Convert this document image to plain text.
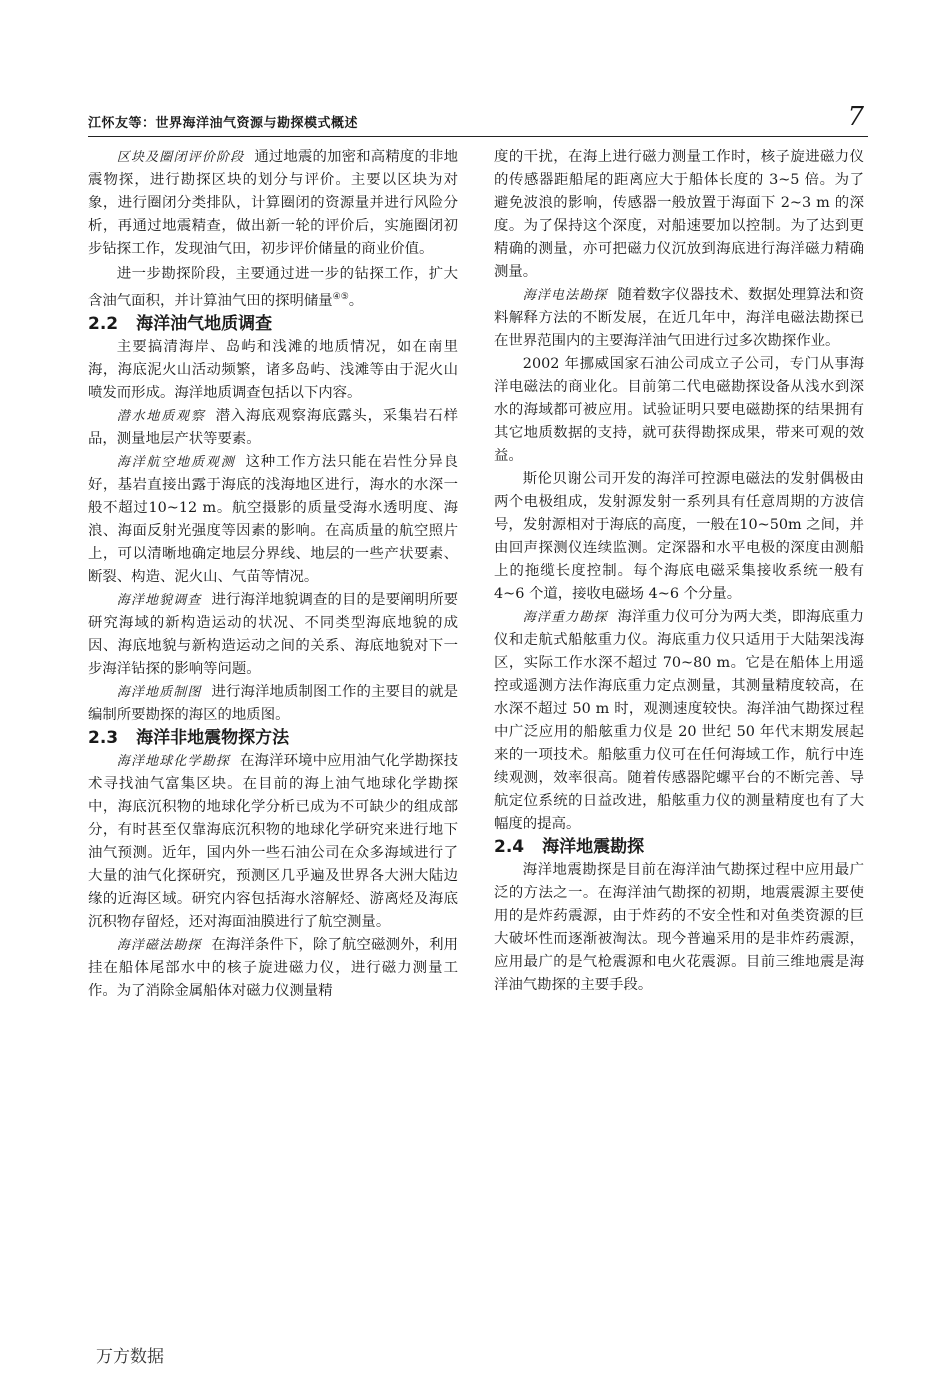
江怀友等：世界海洋油气资源与勘探模式概述	7

区块及圈闭评价阶段 通过地震的加密和高精度的非地震物探，进行勘探区块的划分与评价。主要以区块为对象，进行圈闭分类排队，计算圈闭的资源量并进行风险分析，再通过地震精查，做出新一轮的评价后，实施圈闭初步钻探工作，发现油气田，初步评价储量的商业价值。

进一步勘探阶段，主要通过进一步的钻探工作，扩大含油气面积，并计算油气田的探明储量④⑤。

2.2 海洋油气地质调查

主要搞清海岸、岛屿和浅滩的地质情况，如在南里海，海底泥火山活动频繁，诸多岛屿、浅滩等由于泥火山喷发而形成。海洋地质调查包括以下内容。

潜水地质观察 潜入海底观察海底露头，采集岩石样品，测量地层产状等要素。

海洋航空地质观测 这种工作方法只能在岩性分异良好，基岩直接出露于海底的浅海地区进行，海水的水深一般不超过10~12 m。航空摄影的质量受海水透明度、海浪、海面反射光强度等因素的影响。在高质量的航空照片上，可以清晰地确定地层分界线、地层的一些产状要素、断裂、构造、泥火山、气苗等情况。

海洋地貌调查 进行海洋地貌调查的目的是要阐明所要研究海域的新构造运动的状况、不同类型海底地貌的成因、海底地貌与新构造运动之间的关系、海底地貌对下一步海洋钻探的影响等问题。

海洋地质制图 进行海洋地质制图工作的主要目的就是编制所要勘探的海区的地质图。

2.3 海洋非地震物探方法

海洋地球化学勘探 在海洋环境中应用油气化学勘探技术寻找油气富集区块。在目前的海上油气地球化学勘探中，海底沉积物的地球化学分析已成为不可缺少的组成部分，有时甚至仅靠海底沉积物的地球化学研究来进行地下油气预测。近年，国内外一些石油公司在众多海域进行了大量的油气化探研究，预测区几乎遍及世界各大洲大陆边缘的近海区域。研究内容包括海水溶解烃、游离烃及海底沉积物存留烃，还对海面油膜进行了航空测量。

海洋磁法勘探 在海洋条件下，除了航空磁测外，利用挂在船体尾部水中的核子旋进磁力仪，进行磁力测量工作。为了消除金属船体对磁力仪测量精

度的干扰，在海上进行磁力测量工作时，核子旋进磁力仪的传感器距船尾的距离应大于船体长度的 3~5 倍。为了避免波浪的影响，传感器一般放置于海面下 2~3 m 的深度。为了保持这个深度，对船速要加以控制。为了达到更精确的测量，亦可把磁力仪沉放到海底进行海洋磁力精确测量。

海洋电法勘探 随着数字仪器技术、数据处理算法和资料解释方法的不断发展，在近几年中，海洋电磁法勘探已在世界范围内的主要海洋油气田进行过多次勘探作业。

2002 年挪威国家石油公司成立子公司，专门从事海洋电磁法的商业化。目前第二代电磁勘探设备从浅水到深水的海域都可被应用。试验证明只要电磁勘探的结果拥有其它地质数据的支持，就可获得勘探成果，带来可观的效益。

斯伦贝谢公司开发的海洋可控源电磁法的发射偶极由两个电极组成，发射源发射一系列具有任意周期的方波信号，发射源相对于海底的高度，一般在10~50m 之间，并由回声探测仪连续监测。定深器和水平电极的深度由测船上的拖缆长度控制。每个海底电磁采集接收系统一般有 4~6 个道，接收电磁场 4~6 个分量。

海洋重力勘探 海洋重力仪可分为两大类，即海底重力仪和走航式船舷重力仪。海底重力仪只适用于大陆架浅海区，实际工作水深不超过 70~80 m。它是在船体上用遥控或遥测方法作海底重力定点测量，其测量精度较高，在水深不超过 50 m 时，观测速度较快。海洋油气勘探过程中广泛应用的船舷重力仪是 20 世纪 50 年代末期发展起来的一项技术。船舷重力仪可在任何海域工作，航行中连续观测，效率很高。随着传感器陀螺平台的不断完善、导航定位系统的日益改进，船舷重力仪的测量精度也有了大幅度的提高。

2.4 海洋地震勘探

海洋地震勘探是目前在海洋油气勘探过程中应用最广泛的方法之一。在海洋油气勘探的初期，地震震源主要使用的是炸药震源，由于炸药的不安全性和对鱼类资源的巨大破坏性而逐渐被淘汰。现今普遍采用的是非炸药震源，应用最广的是气枪震源和电火花震源。目前三维地震是海洋油气勘探的主要手段。

万方数据
